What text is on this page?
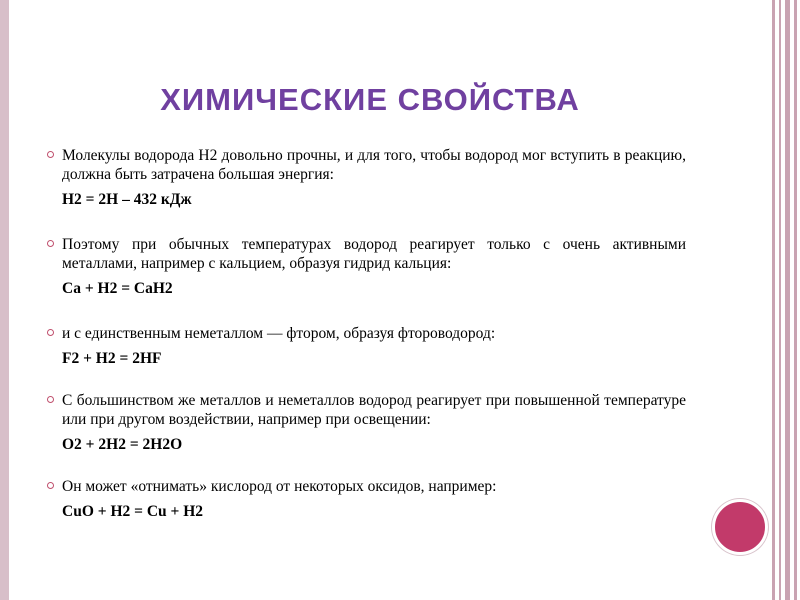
ХИМИЧЕСКИЕ СВОЙСТВА
Молекулы водорода Н2 довольно прочны, и для того, чтобы водород мог вступить в реакцию, должна быть затрачена большая энергия:
Н2 = 2Н – 432 кДж
Поэтому при обычных температурах водород реагирует только с очень активными металлами, например с кальцием, образуя гидрид кальция:
Са + Н2 = СаН2
и с единственным неметаллом — фтором, образуя фтороводород:
F2 + H2 = 2HF
С большинством же металлов и неметаллов водород реагирует при повышенной температуре или при другом воздействии, например при освещении:
O2 + 2H2 = 2H2O
Он может «отнимать» кислород от некоторых оксидов, например:
CuO + H2 = Cu + H2
